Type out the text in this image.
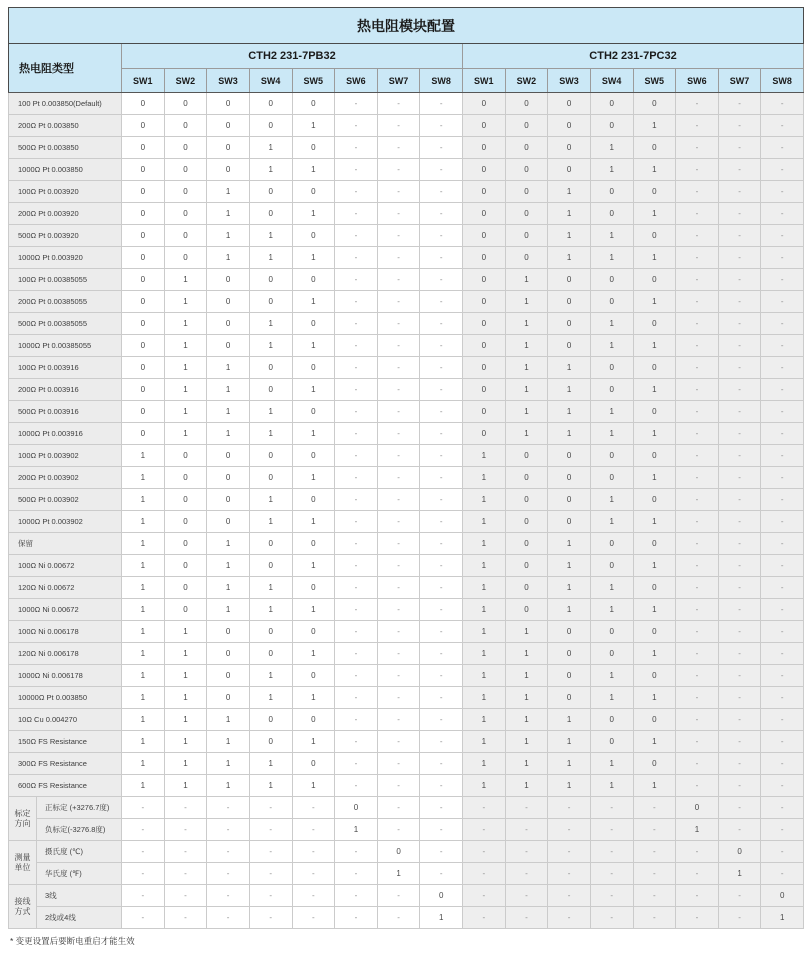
热电阻模块配置																	
热电阻类型		CTH2 231-7PB32								CTH2 231-7PC32							
		SW1	SW2	SW3	SW4	SW5	SW6	SW7	SW8	SW1	SW2	SW3	SW4	SW5	SW6	SW7	SW8
100 Pt 0.003850(Default)		0	0	0	0	0	-	-	-	0	0	0	0	0	-	-	-
200Ω Pt 0.003850		0	0	0	0	1	-	-	-	0	0	0	0	1	-	-	-
500Ω Pt 0.003850		0	0	0	1	0	-	-	-	0	0	0	1	0	-	-	-
1000Ω Pt 0.003850		0	0	0	1	1	-	-	-	0	0	0	1	1	-	-	-
100Ω Pt 0.003920		0	0	1	0	0	-	-	-	0	0	1	0	0	-	-	-
200Ω Pt 0.003920		0	0	1	0	1	-	-	-	0	0	1	0	1	-	-	-
500Ω Pt 0.003920		0	0	1	1	0	-	-	-	0	0	1	1	0	-	-	-
1000Ω Pt 0.003920		0	0	1	1	1	-	-	-	0	0	1	1	1	-	-	-
100Ω Pt 0.00385055		0	1	0	0	0	-	-	-	0	1	0	0	0	-	-	-
200Ω Pt 0.00385055		0	1	0	0	1	-	-	-	0	1	0	0	1	-	-	-
500Ω Pt 0.00385055		0	1	0	1	0	-	-	-	0	1	0	1	0	-	-	-
1000Ω Pt 0.00385055		0	1	0	1	1	-	-	-	0	1	0	1	1	-	-	-
100Ω Pt 0.003916		0	1	1	0	0	-	-	-	0	1	1	0	0	-	-	-
200Ω Pt 0.003916		0	1	1	0	1	-	-	-	0	1	1	0	1	-	-	-
500Ω Pt 0.003916		0	1	1	1	0	-	-	-	0	1	1	1	0	-	-	-
1000Ω Pt 0.003916		0	1	1	1	1	-	-	-	0	1	1	1	1	-	-	-
100Ω Pt 0.003902		1	0	0	0	0	-	-	-	1	0	0	0	0	-	-	-
200Ω Pt 0.003902		1	0	0	0	1	-	-	-	1	0	0	0	1	-	-	-
500Ω Pt 0.003902		1	0	0	1	0	-	-	-	1	0	0	1	0	-	-	-
1000Ω Pt 0.003902		1	0	0	1	1	-	-	-	1	0	0	1	1	-	-	-
保留		1	0	1	0	0	-	-	-	1	0	1	0	0	-	-	-
100Ω Ni 0.00672		1	0	1	0	1	-	-	-	1	0	1	0	1	-	-	-
120Ω Ni 0.00672		1	0	1	1	0	-	-	-	1	0	1	1	0	-	-	-
1000Ω Ni 0.00672		1	0	1	1	1	-	-	-	1	0	1	1	1	-	-	-
100Ω Ni 0.006178		1	1	0	0	0	-	-	-	1	1	0	0	0	-	-	-
120Ω Ni 0.006178		1	1	0	0	1	-	-	-	1	1	0	0	1	-	-	-
1000Ω Ni 0.006178		1	1	0	1	0	-	-	-	1	1	0	1	0	-	-	-
10000Ω Pt 0.003850		1	1	0	1	1	-	-	-	1	1	0	1	1	-	-	-
10Ω Cu 0.004270		1	1	1	0	0	-	-	-	1	1	1	0	0	-	-	-
150Ω FS Resistance		1	1	1	0	1	-	-	-	1	1	1	0	1	-	-	-
300Ω FS Resistance		1	1	1	1	0	-	-	-	1	1	1	1	0	-	-	-
600Ω FS Resistance		1	1	1	1	1	-	-	-	1	1	1	1	1	-	-	-
标定方向	正标定 (+3276.7度)	-	-	-	-	-	0	-	-	-	-	-	-	-	0	-	-
	负标定(-3276.8度)	-	-	-	-	-	1	-	-	-	-	-	-	-	1	-	-
测量单位	摄氏度 (℃)	-	-	-	-	-	-	0	-	-	-	-	-	-	-	0	-
	华氏度 (℉)	-	-	-	-	-	-	1	-	-	-	-	-	-	-	1	-
接线方式	3线	-	-	-	-	-	-	-	0	-	-	-	-	-	-	-	0
	2线或4线	-	-	-	-	-	-	-	1	-	-	-	-	-	-	-	1
* 变更设置后要断电重启才能生效
